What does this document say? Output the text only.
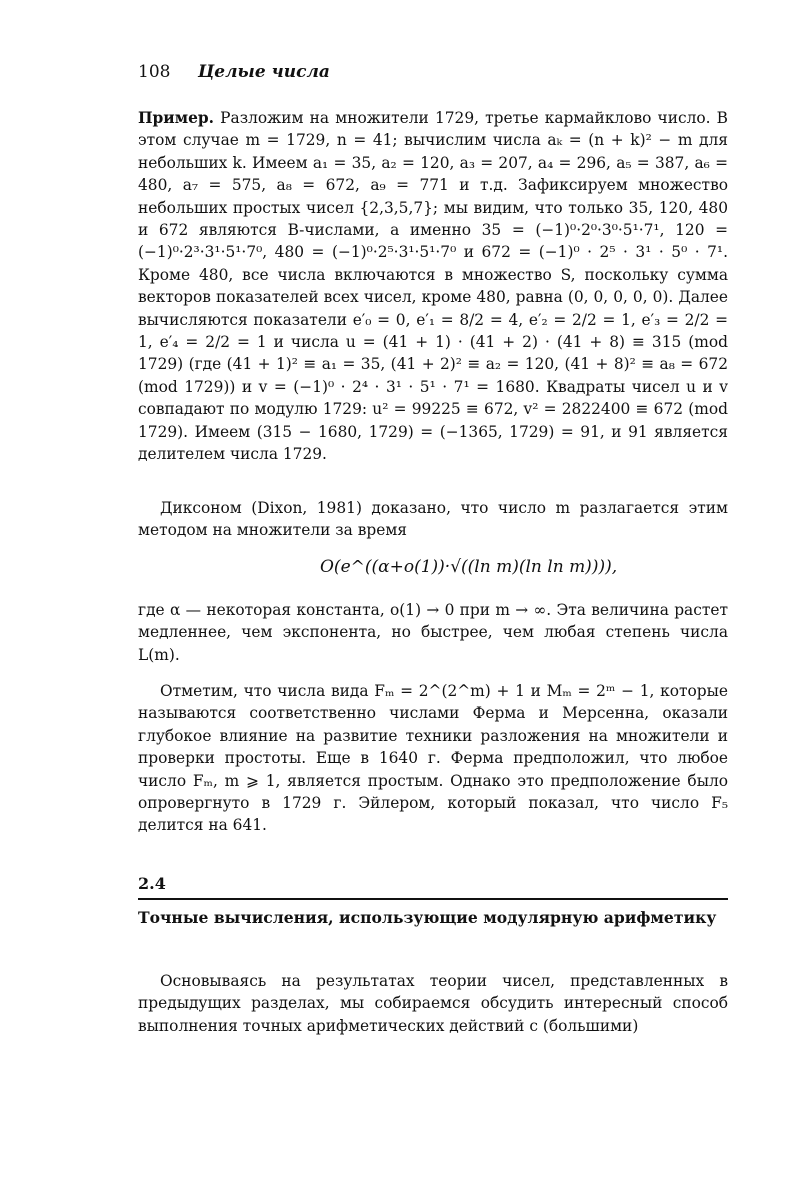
108 Целые числа
Пример. Разложим на множители 1729, третье кармайклово число. В этом случае m = 1729, n = 41; вычислим числа aₖ = (n + k)² − m для небольших k. Имеем a₁ = 35, a₂ = 120, a₃ = 207, a₄ = 296, a₅ = 387, a₆ = 480, a₇ = 575, a₈ = 672, a₉ = 771 и т.д. Зафиксируем множество небольших простых чисел {2,3,5,7}; мы видим, что только 35, 120, 480 и 672 являются B-числами, а именно 35 = (−1)⁰·2⁰·3⁰·5¹·7¹, 120 = (−1)⁰·2³·3¹·5¹·7⁰, 480 = (−1)⁰·2⁵·3¹·5¹·7⁰ и 672 = (−1)⁰ · 2⁵ · 3¹ · 5⁰ · 7¹. Кроме 480, все числа включаются в множество S, поскольку сумма векторов показателей всех чисел, кроме 480, равна (0, 0, 0, 0, 0). Далее вычисляются показатели e′₀ = 0, e′₁ = 8/2 = 4, e′₂ = 2/2 = 1, e′₃ = 2/2 = 1, e′₄ = 2/2 = 1 и числа u = (41 + 1) · (41 + 2) · (41 + 8) ≡ 315 (mod 1729) (где (41 + 1)² ≡ a₁ = 35, (41 + 2)² ≡ a₂ = 120, (41 + 8)² ≡ a₈ = 672 (mod 1729)) и v = (−1)⁰ · 2⁴ · 3¹ · 5¹ · 7¹ = 1680. Квадраты чисел u и v совпадают по модулю 1729: u² = 99225 ≡ 672, v² = 2822400 ≡ 672 (mod 1729). Имеем (315 − 1680, 1729) = (−1365, 1729) = 91, и 91 является делителем числа 1729.
Диксоном (Dixon, 1981) доказано, что число m разлагается этим методом на множители за время
O(e^((α+o(1))·√((ln m)(ln ln m)))),
где α — некоторая константа, o(1) → 0 при m → ∞. Эта величина растет медленнее, чем экспонента, но быстрее, чем любая степень числа L(m).
Отметим, что числа вида Fₘ = 2^(2^m) + 1 и Mₘ = 2ᵐ − 1, которые называются соответственно числами Ферма и Мерсенна, оказали глубокое влияние на развитие техники разложения на множители и проверки простоты. Еще в 1640 г. Ферма предположил, что любое число Fₘ, m ⩾ 1, является простым. Однако это предположение было опровергнуто в 1729 г. Эйлером, который показал, что число F₅ делится на 641.
2.4
Точные вычисления, использующие модулярную арифметику
Основываясь на результатах теории чисел, представленных в предыдущих разделах, мы собираемся обсудить интересный способ выполнения точных арифметических действий с (большими)
